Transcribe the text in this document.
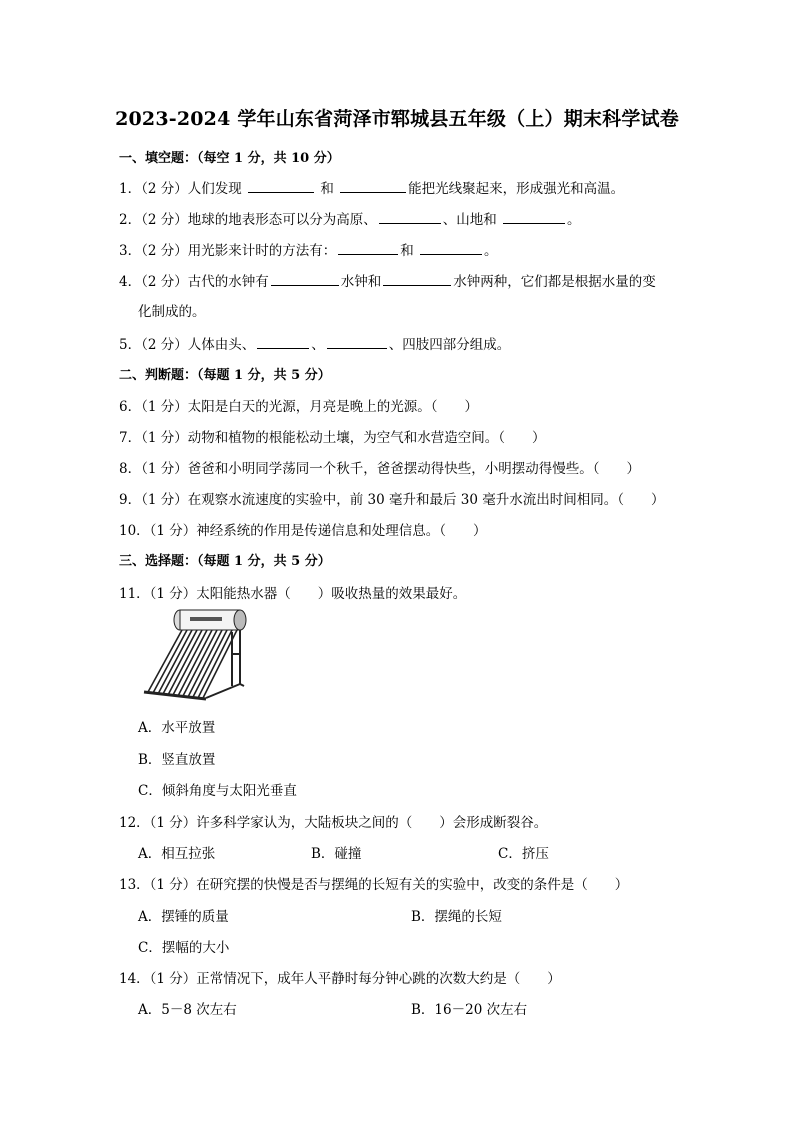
2023-2024 学年山东省菏泽市郓城县五年级（上）期末科学试卷
一、填空题：（每空 1 分，共 10 分）
1．（2 分）人们发现	和	能把光线聚起来，形成强光和高温。
2．（2 分）地球的地表形态可以分为高原、	、山地和	。
3．（2 分）用光影来计时的方法有：	和	。
4．（2 分）古代的水钟有	水钟和	水钟两种，它们都是根据水量的变
化制成的。
5．（2 分）人体由头、	、	、四肢四部分组成。
二、判断题：（每题 1 分，共 5 分）
6．（1 分）太阳是白天的光源，月亮是晚上的光源。（　　）
7．（1 分）动物和植物的根能松动土壤，为空气和水营造空间。（　　）
8．（1 分）爸爸和小明同学荡同一个秋千，爸爸摆动得快些，小明摆动得慢些。（　　）
9．（1 分）在观察水流速度的实验中，前 30 毫升和最后 30 毫升水流出时间相同。（　　）
10．（1 分）神经系统的作用是传递信息和处理信息。（　　）
三、选择题：（每题 1 分，共 5 分）
11．（1 分）太阳能热水器（　　）吸收热量的效果最好。
A．水平放置
B．竖直放置
C．倾斜角度与太阳光垂直
12．（1 分）许多科学家认为，大陆板块之间的（　　）会形成断裂谷。
A．相互拉张	B．碰撞	C．挤压
13．（1 分）在研究摆的快慢是否与摆绳的长短有关的实验中，改变的条件是（　　）
A．摆锤的质量	B．摆绳的长短
C．摆幅的大小
14．（1 分）正常情况下，成年人平静时每分钟心跳的次数大约是（　　）
A．5－8 次左右	B．16－20 次左右
